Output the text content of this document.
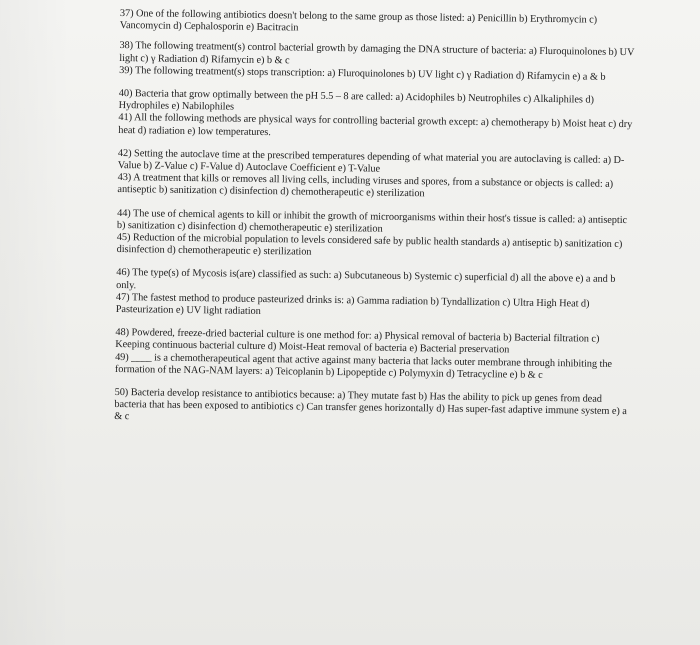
37) One of the following antibiotics doesn't belong to the same group as those listed: a) Penicillin b) Erythromycin c) Vancomycin d) Cephalosporin e) Bacitracin

38) The following treatment(s) control bacterial growth by damaging the DNA structure of bacteria: a) Fluroquinolones b) UV light c) γ Radiation d) Rifamycin e) b & c

39) The following treatment(s) stops transcription: a) Fluroquinolones b) UV light c) γ Radiation d) Rifamycin e) a & b

40) Bacteria that grow optimally between the pH 5.5 – 8 are called: a) Acidophiles b) Neutrophiles c) Alkaliphiles d) Hydrophiles e) Nabilophiles

41) All the following methods are physical ways for controlling bacterial growth except: a) chemotherapy b) Moist heat c) dry heat d) radiation e) low temperatures.

42) Setting the autoclave time at the prescribed temperatures depending of what material you are autoclaving is called: a) D-Value b) Z-Value c) F-Value d) Autoclave Coefficient e) T-Value

43) A treatment that kills or removes all living cells, including viruses and spores, from a substance or objects is called: a) antiseptic b) sanitization c) disinfection d) chemotherapeutic e) sterilization

44) The use of chemical agents to kill or inhibit the growth of microorganisms within their host's tissue is called: a) antiseptic b) sanitization c) disinfection d) chemotherapeutic e) sterilization

45) Reduction of the microbial population to levels considered safe by public health standards a) antiseptic b) sanitization c) disinfection d) chemotherapeutic e) sterilization

46) The type(s) of Mycosis is(are) classified as such: a) Subcutaneous b) Systemic c) superficial d) all the above e) a and b only.

47) The fastest method to produce pasteurized drinks is: a) Gamma radiation b) Tyndallization c) Ultra High Heat d) Pasteurization e) UV light radiation

48) Powdered, freeze-dried bacterial culture is one method for: a) Physical removal of bacteria b) Bacterial filtration c) Keeping continuous bacterial culture d) Moist-Heat removal of bacteria e) Bacterial preservation

49) ____ is a chemotherapeutical agent that active against many bacteria that lacks outer membrane through inhibiting the formation of the NAG-NAM layers: a) Teicoplanin b) Lipopeptide c) Polymyxin d) Tetracycline e) b & c

50) Bacteria develop resistance to antibiotics because: a) They mutate fast b) Has the ability to pick up genes from dead bacteria that has been exposed to antibiotics c) Can transfer genes horizontally d) Has super-fast adaptive immune system e) a & c
